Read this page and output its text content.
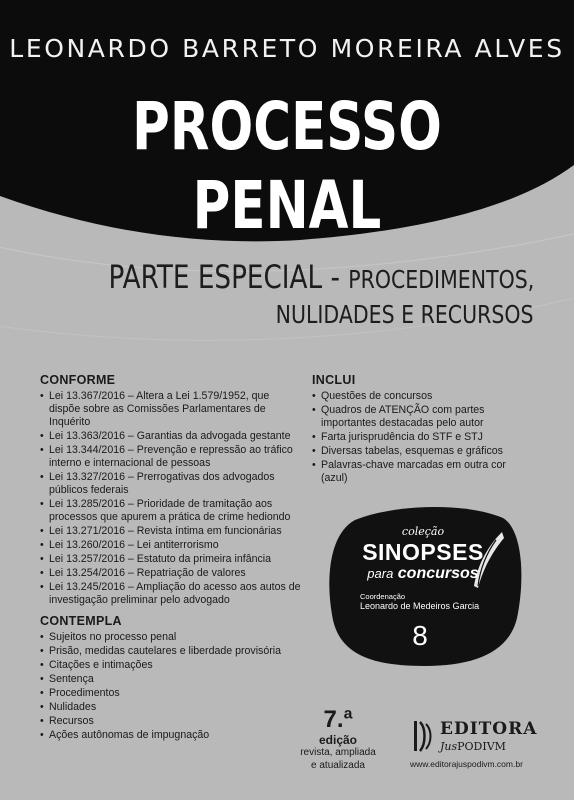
LEONARDO BARRETO MOREIRA ALVES
PROCESSO
PENAL
PARTE ESPECIAL - PROCEDIMENTOS,
NULIDADES E RECURSOS
CONFORME
• Lei 13.367/2016 – Altera a Lei 1.579/1952, que dispõe sobre as Comissões Parlamentares de Inquérito
• Lei 13.363/2016 – Garantias da advogada gestante
• Lei 13.344/2016 – Prevenção e repressão ao tráfico interno e internacional de pessoas
• Lei 13.327/2016 – Prerrogativas dos advogados públicos federais
• Lei 13.285/2016 – Prioridade de tramitação aos processos que apurem a prática de crime hediondo
• Lei 13.271/2016 – Revista íntima em funcionárias
• Lei 13.260/2016 – Lei antiterrorismo
• Lei 13.257/2016 – Estatuto da primeira infância
• Lei 13.254/2016 – Repatriação de valores
• Lei 13.245/2016 – Ampliação do acesso aos autos de investigação preliminar pelo advogado
CONTEMPLA
• Sujeitos no processo penal
• Prisão, medidas cautelares e liberdade provisória
• Citações e intimações
• Sentença
• Procedimentos
• Nulidades
• Recursos
• Ações autônomas de impugnação
INCLUI
• Questões de concursos
• Quadros de ATENÇÃO com partes importantes destacadas pelo autor
• Farta jurisprudência do STF e STJ
• Diversas tabelas, esquemas e gráficos
• Palavras-chave marcadas em outra cor (azul)
coleção
SINOPSES
para concursos
Coordenação
Leonardo de Medeiros Garcia
8
7.ª
edição
revista, ampliada
e atualizada
EDITORA
JusPODIVM
www.editorajuspodivm.com.br
